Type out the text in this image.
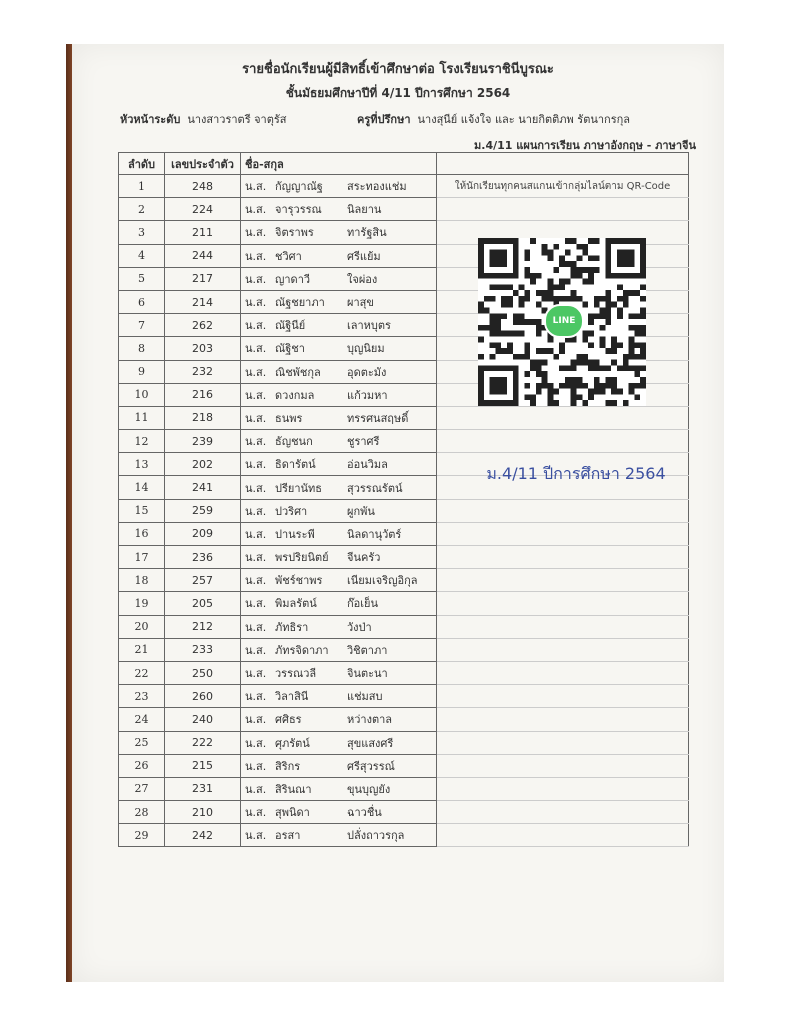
รายชื่อนักเรียนผู้มีสิทธิ์เข้าศึกษาต่อ โรงเรียนราชินีบูรณะ
ชั้นมัธยมศึกษาปีที่ 4/11 ปีการศึกษา 2564
หัวหน้าระดับ นางสาวราตรี จาตุรัส	ครูที่ปรึกษา นางสุนีย์ แจ้งใจ และ นายกิตติภพ รัตนากรกุล
ม.4/11 แผนการเรียน ภาษาอังกฤษ - ภาษาจีน
ลำดับ	เลขประจำตัว	ชื่อ-สกุล	
1	248	น.ส. กัญญาณัฐ สระทองแช่ม	ให้นักเรียนทุกคนสแกนเข้ากลุ่มไลน์ตาม QR-Code
2	224	น.ส. จารุวรรณ นิลยาน	
3	211	น.ส. จิตราพร ทารัฐสิน	
4	244	น.ส. ชวิศา ศรีแย้ม	
5	217	น.ส. ญาดาวี ใจผ่อง	
6	214	น.ส. ณัฐชยาภา ผาสุข	
7	262	น.ส. ณัฐินีย์ เลาหบุตร	
8	203	น.ส. ณัฐิชา บุญนิยม	
9	232	น.ส. ณิชพัชกุล อุดตะมัง	
10	216	น.ส. ดวงกมล แก้วมหา	
11	218	น.ส. ธนพร ทรรศนสฤษดิ์	
12	239	น.ส. ธัญชนก ชูราศรี	
13	202	น.ส. ธิดารัตน์ อ่อนวิมล	
14	241	น.ส. ปรียานัทธ สุวรรณรัตน์	
15	259	น.ส. ปวริศา ผูกพัน	
16	209	น.ส. ปานระพี นิลดานุวัตร์	
17	236	น.ส. พรปริยนิตย์ จีนครัว	
18	257	น.ส. พัชร์ชาพร เนียมเจริญอิกุล	
19	205	น.ส. พิมลรัตน์ ก๊อเย็น	
20	212	น.ส. ภัทธิรา วังป่า	
21	233	น.ส. ภัทรจิดาภา วิชิตาภา	
22	250	น.ส. วรรณวลี จินตะนา	
23	260	น.ส. วิลาสินี แช่มสบ	
24	240	น.ส. ศศิธร หว่างตาล	
25	222	น.ส. ศุภรัตน์ สุขแสงศรี	
26	215	น.ส. สิริกร ศรีสุวรรณ์	
27	231	น.ส. สิรินณา ขุนบุญยัง	
28	210	น.ส. สุพนิดา ฉาวชื่น	
29	242	น.ส. อรสา ปลั่งถาวรกุล	
LINE
ม.4/11 ปีการศึกษา 2564
